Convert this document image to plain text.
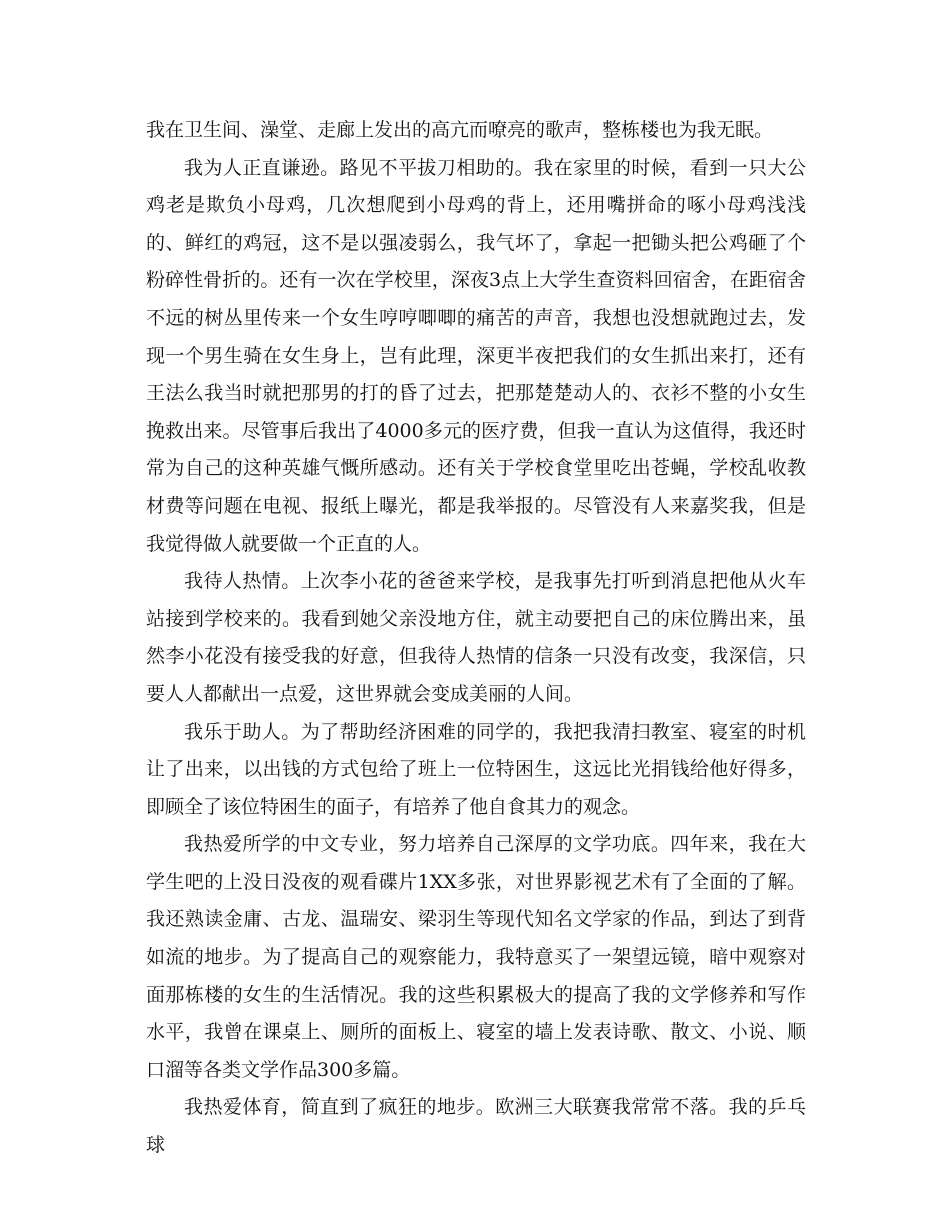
我在卫生间、澡堂、走廊上发出的高亢而嘹亮的歌声，整栋楼也为我无眠。

我为人正直谦逊。路见不平拔刀相助的。我在家里的时候，看到一只大公鸡老是欺负小母鸡，几次想爬到小母鸡的背上，还用嘴拼命的啄小母鸡浅浅的、鲜红的鸡冠，这不是以强凌弱么，我气坏了，拿起一把锄头把公鸡砸了个粉碎性骨折的。还有一次在学校里，深夜3点上大学生查资料回宿舍，在距宿舍不远的树丛里传来一个女生哼哼唧唧的痛苦的声音，我想也没想就跑过去，发现一个男生骑在女生身上，岂有此理，深更半夜把我们的女生抓出来打，还有王法么我当时就把那男的打的昏了过去，把那楚楚动人的、衣衫不整的小女生挽救出来。尽管事后我出了4000多元的医疗费，但我一直认为这值得，我还时常为自己的这种英雄气慨所感动。还有关于学校食堂里吃出苍蝇，学校乱收教材费等问题在电视、报纸上曝光，都是我举报的。尽管没有人来嘉奖我，但是我觉得做人就要做一个正直的人。

我待人热情。上次李小花的爸爸来学校，是我事先打听到消息把他从火车站接到学校来的。我看到她父亲没地方住，就主动要把自己的床位腾出来，虽然李小花没有接受我的好意，但我待人热情的信条一只没有改变，我深信，只要人人都献出一点爱，这世界就会变成美丽的人间。

我乐于助人。为了帮助经济困难的同学的，我把我清扫教室、寝室的时机让了出来，以出钱的方式包给了班上一位特困生，这远比光捐钱给他好得多，即顾全了该位特困生的面子，有培养了他自食其力的观念。

我热爱所学的中文专业，努力培养自己深厚的文学功底。四年来，我在大学生吧的上没日没夜的观看碟片1XX多张，对世界影视艺术有了全面的了解。我还熟读金庸、古龙、温瑞安、梁羽生等现代知名文学家的作品，到达了到背如流的地步。为了提高自己的观察能力，我特意买了一架望远镜，暗中观察对面那栋楼的女生的生活情况。我的这些积累极大的提高了我的文学修养和写作水平，我曾在课桌上、厕所的面板上、寝室的墙上发表诗歌、散文、小说、顺口溜等各类文学作品300多篇。

我热爱体育，简直到了疯狂的地步。欧洲三大联赛我常常不落。我的乒乓球
